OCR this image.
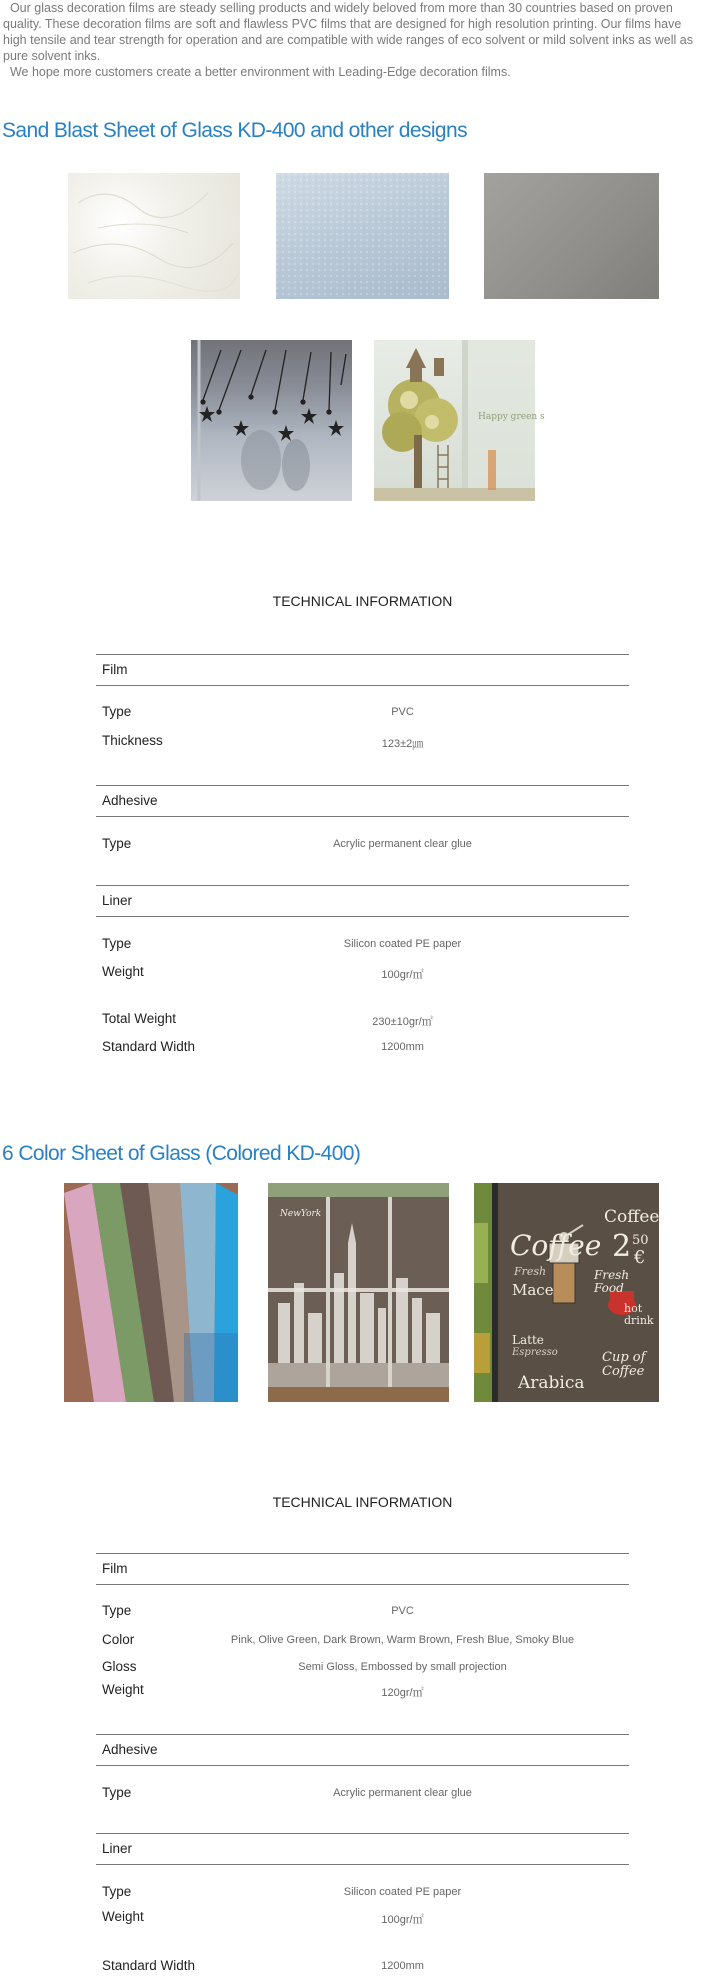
Our glass decoration films are steady selling products and widely beloved from more than 30 countries based on proven quality. These decoration films are soft and flawless PVC films that are designed for high resolution printing. Our films have high tensile and tear strength for operation and are compatible with wide ranges of eco solvent or mild solvent inks as well as pure solvent inks.

We hope more customers create a better environment with Leading-Edge decoration films.

Sand Blast Sheet of Glass KD-400 and other designs
Happy green s
TECHNICAL INFORMATION
Film
Type	PVC
Thickness	123±2㎛
Adhesive
Type	Acrylic permanent clear glue
Liner
Type	Silicon coated PE paper
Weight	100gr/㎡
Total Weight	230±10gr/㎡
Standard Width	1200mm
6 Color Sheet of Glass (Colored KD-400)
NewYork
Coffee
Coffee
2 50
€
Fresh
Mace
Fresh Food
hot drink
Latte
Espresso
Arabica
Cup of Coffee
TECHNICAL INFORMATION
Film
Type	PVC
Color	Pink, Olive Green, Dark Brown, Warm Brown, Fresh Blue, Smoky Blue
Gloss	Semi Gloss, Embossed by small projection
Weight	120gr/㎡
Adhesive
Type	Acrylic permanent clear glue
Liner
Type	Silicon coated PE paper
Weight	100gr/㎡
Standard Width	1200mm
